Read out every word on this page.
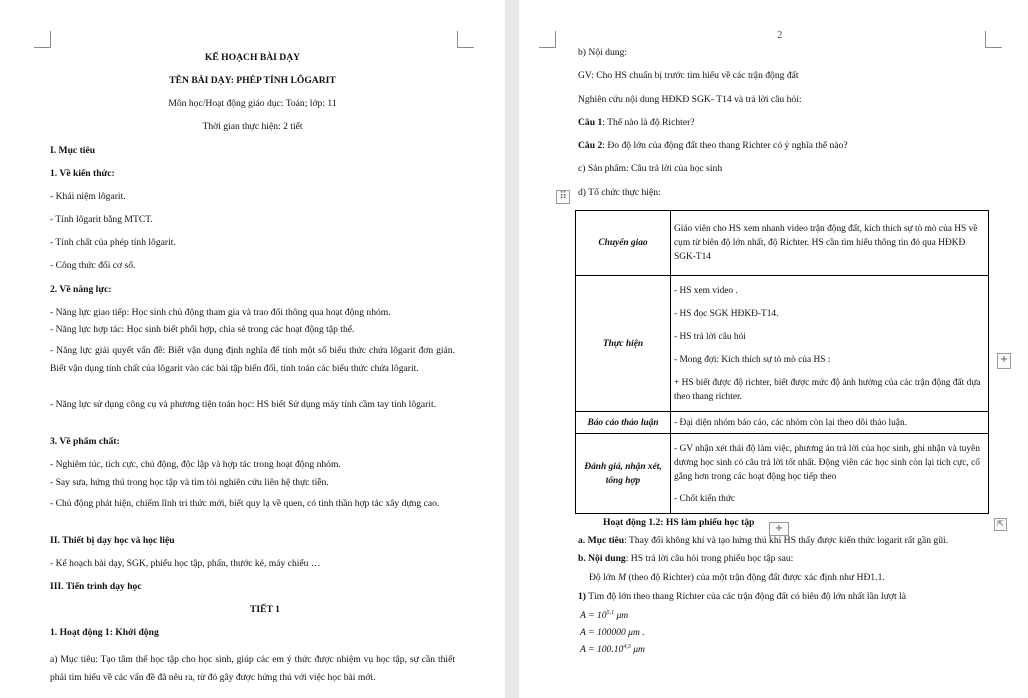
KẾ HOẠCH BÀI DẠY
TÊN BÀI DẠY: PHÉP TÍNH LÔGARIT
Môn học/Hoạt động giáo dục: Toán; lớp: 11
Thời gian thực hiện: 2 tiết
I. Mục tiêu
1. Về kiến thức:
- Khái niệm lôgarit.
- Tính lôgarit bằng MTCT.
- Tính chất của phép tính lôgarit.
- Công thức đổi cơ số.
2. Về năng lực:
- Năng lực giao tiếp: Học sinh chủ động tham gia và trao đổi thông qua hoạt động nhóm.
- Năng lực hợp tác: Học sinh biết phối hợp, chia sẻ trong các hoạt động tập thể.
- Năng lực giải quyết vấn đề: Biết vận dụng định nghĩa để tính một số biểu thức chứa lôgarit đơn giản. Biết vận dụng tính chất của lôgarit vào các bài tập biến đổi, tính toán các biểu thức chứa lôgarit.
- Năng lực sử dụng công cụ và phương tiện toán học: HS biết Sử dụng máy tính cầm tay tính lôgarit.
3. Về phẩm chất:
- Nghiêm túc, tích cực, chủ động, độc lập và hợp tác trong hoạt động nhóm.
- Say sưa, hứng thú trong học tập và tìm tòi nghiên cứu liên hệ thực tiễn.
- Chủ động phát hiện, chiếm lĩnh tri thức mới, biết quy lạ về quen, có tinh thần hợp tác xây dựng cao.
II. Thiết bị dạy học và học liệu
- Kế hoạch bài dạy, SGK, phiếu học tập, phấn, thước kẻ, máy chiếu …
III. Tiến trình dạy học
TIẾT 1
1. Hoạt động 1: Khởi động
a) Mục tiêu: Tạo tâm thế học tập cho học sinh, giúp các em ý thức được nhiệm vụ học tập, sự cần thiết phải tìm hiểu về các vấn đề đã nêu ra, từ đó gây được hứng thú với việc học bài mới.
2
b) Nội dung:
GV: Cho HS chuẩn bị trước tìm hiểu về các trận động đất
Nghiên cứu nội dung HĐKĐ SGK- T14 và trả lời câu hỏi:
Câu 1: Thế nào là độ Richter?
Câu 2: Đo độ lớn của động đất theo thang Richter có ý nghĩa thế nào?
c) Sản phẩm: Câu trả lời của học sinh
d) Tổ chức thực hiện:
⠿
Chuyển giao	Giáo viên cho HS xem nhanh video trận động đất, kích thích sự tò mò của HS về cụm từ biên độ lớn nhất, độ Richter. HS cần tìm hiểu thông tin đó qua HĐKĐ SGK-T14
Thực hiện	- HS xem video .
- HS đọc SGK HĐKĐ-T14.
- HS trả lời câu hỏi
- Mong đợi: Kích thích sự tò mò của HS :
+ HS biết được độ richter, biết được mức độ ảnh hưởng của các trận động đất dựa theo thang richter.

Báo cáo thảo luận	- Đại diện nhóm báo cáo, các nhóm còn lại theo dõi thảo luận.
Đánh giá, nhận xét, tổng hợp	- GV nhận xét thái độ làm việc, phương án trả lời của học sinh, ghi nhận và tuyên dương học sinh có câu trả lời tốt nhất. Động viên các học sinh còn lại tích cực, cố gắng hơn trong các hoạt động học tiếp theo
- Chốt kiến thức
+
Hoạt động 1.2: HS làm phiếu học tập
a. Mục tiêu: Thay đổi không khí và tạo hứng thú khi HS thấy được kiến thức logarit rất gần gũi.
b. Nội dung: HS trả lời câu hỏi trong phiếu học tập sau:
Độ lớn M (theo độ Richter) của một trận động đất được xác định như HĐ1.1.
1) Tìm độ lớn theo thang Richter của các trận động đất có biên độ lớn nhất lần lượt là
$A = 10^{5,1}$ μm
A = 100000 μm .
$A = 100.10^{4,3}$ μm
+
⇱
